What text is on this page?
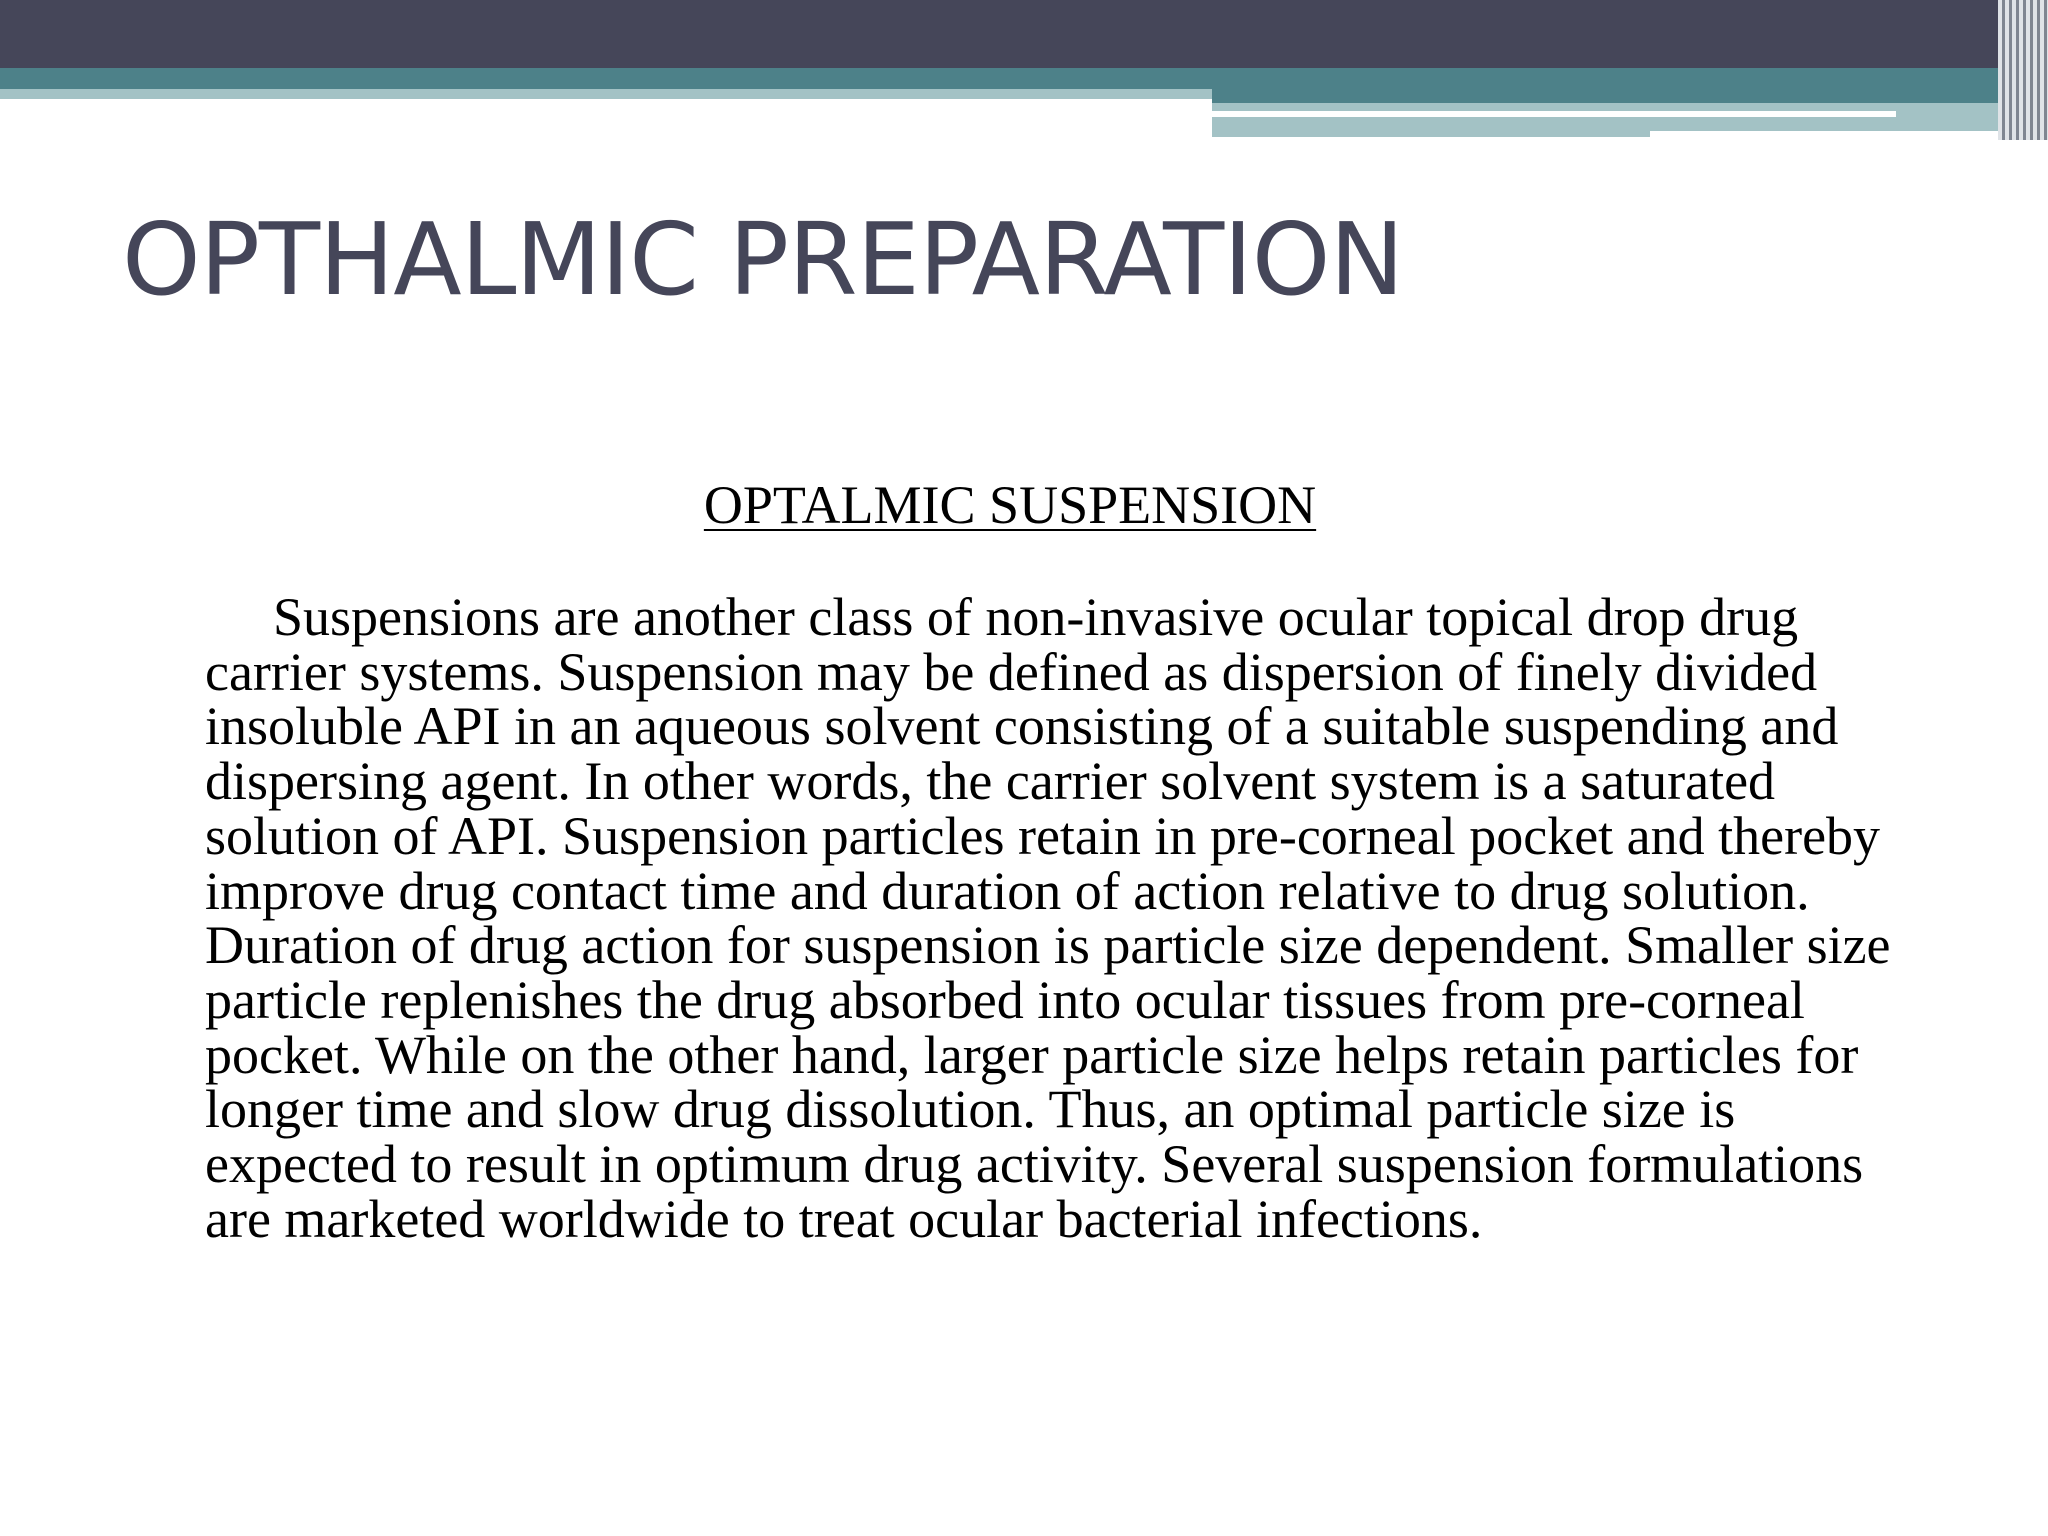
OPTHALMIC PREPARATION

OPTALMIC SUSPENSION

Suspensions are another class of non-invasive ocular topical drop drug carrier systems. Suspension may be defined as dispersion of finely divided insoluble API in an aqueous solvent consisting of a suitable suspending and dispersing agent. In other words, the carrier solvent system is a saturated solution of API. Suspension particles retain in pre-corneal pocket and thereby improve drug contact time and duration of action relative to drug solution. Duration of drug action for suspension is particle size dependent. Smaller size particle replenishes the drug absorbed into ocular tissues from pre-corneal pocket. While on the other hand, larger particle size helps retain particles for longer time and slow drug dissolution. Thus, an optimal particle size is expected to result in optimum drug activity. Several suspension formulations are marketed worldwide to treat ocular bacterial infections.
